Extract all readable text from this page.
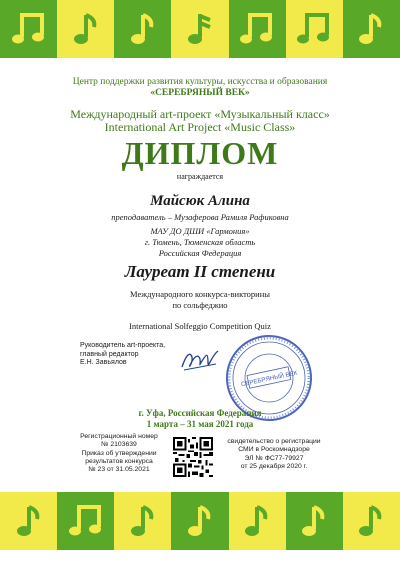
Центр поддержки развития культуры, искусства и образования
«СЕРЕБРЯНЫЙ ВЕК»
Международный art-проект «Музыкальный класс»
International Art Project «Music Class»
ДИПЛОМ
награждается
Майсюк Алина
преподаватель – Музаферова Рамиля Рафиковна
МАУ ДО ДШИ «Гармония»
г. Тюмень, Тюменская область
Российская Федерация
Лауреат II степени
Международного конкурса-викторины
по сольфеджио
International Solfeggio Competition Quiz
Руководитель art-проекта,
главный редактор
Е.Н. Завьялов
СЕРЕБРЯНЫЙ ВЕК
г. Уфа, Российская Федерация
1 марта – 31 мая 2021 года
Регистрационный номер
№ 2103639
Приказ об утверждении
результатов конкурса
№ 23 от 31.05.2021
свидетельство о регистрации
СМИ в Роскомнадзоре
ЭЛ № ФС77-79927
от 25 декабря 2020 г.
